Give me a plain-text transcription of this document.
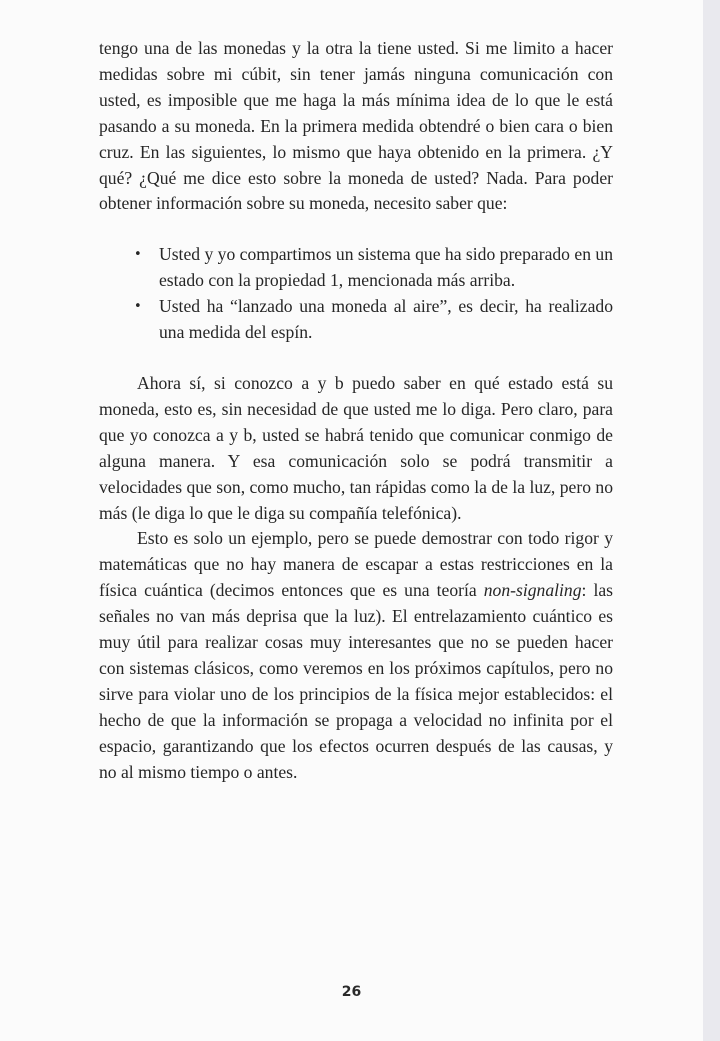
tengo una de las monedas y la otra la tiene usted. Si me limito a hacer medidas sobre mi cúbit, sin tener jamás ninguna comunicación con usted, es imposible que me haga la más mínima idea de lo que le está pasando a su moneda. En la primera medida obtendré o bien cara o bien cruz. En las siguientes, lo mismo que haya obtenido en la primera. ¿Y qué? ¿Qué me dice esto sobre la moneda de usted? Nada. Para poder obtener información sobre su moneda, necesito saber que:

• Usted y yo compartimos un sistema que ha sido preparado en un estado con la propiedad 1, mencionada más arriba.
• Usted ha “lanzado una moneda al aire”, es decir, ha realizado una medida del espín.

Ahora sí, si conozco a y b puedo saber en qué estado está su moneda, esto es, sin necesidad de que usted me lo diga. Pero claro, para que yo conozca a y b, usted se habrá tenido que comunicar conmigo de alguna manera. Y esa comunicación solo se podrá transmitir a velocidades que son, como mucho, tan rápidas como la de la luz, pero no más (le diga lo que le diga su compañía telefónica).

Esto es solo un ejemplo, pero se puede demostrar con todo rigor y matemáticas que no hay manera de escapar a estas restricciones en la física cuántica (decimos entonces que es una teoría non-signaling: las señales no van más deprisa que la luz). El entrelazamiento cuántico es muy útil para realizar cosas muy interesantes que no se pueden hacer con sistemas clásicos, como veremos en los próximos capítulos, pero no sirve para violar uno de los principios de la física mejor establecidos: el hecho de que la información se propaga a velocidad no infinita por el espacio, garantizando que los efectos ocurren después de las causas, y no al mismo tiempo o antes.

26
